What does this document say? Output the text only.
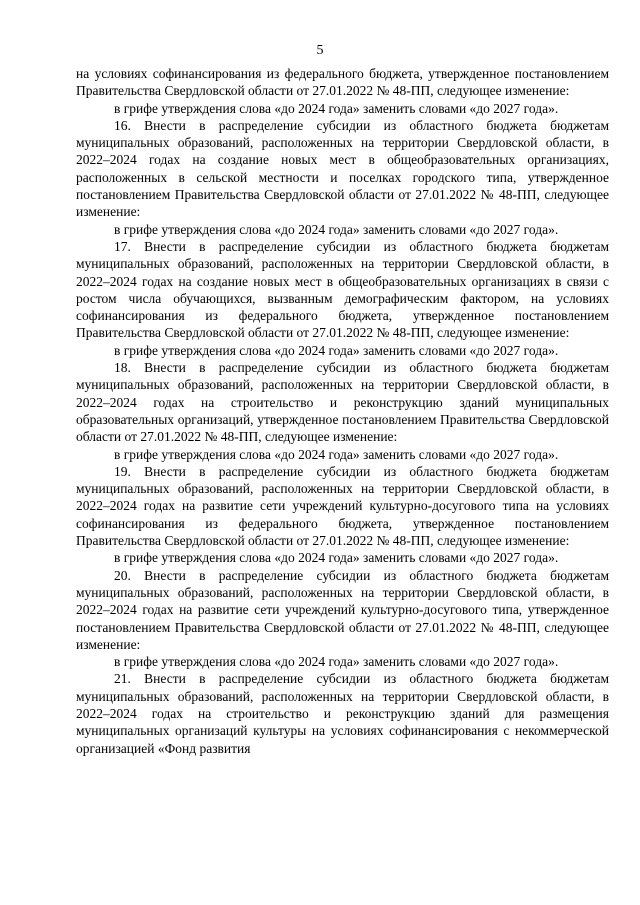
5

на условиях софинансирования из федерального бюджета, утвержденное постановлением Правительства Свердловской области от 27.01.2022 № 48-ПП, следующее изменение:

в грифе утверждения слова «до 2024 года» заменить словами «до 2027 года».

16. Внести в распределение субсидии из областного бюджета бюджетам муниципальных образований, расположенных на территории Свердловской области, в 2022–2024 годах на создание новых мест в общеобразовательных организациях, расположенных в сельской местности и поселках городского типа, утвержденное постановлением Правительства Свердловской области от 27.01.2022 № 48-ПП, следующее изменение:

в грифе утверждения слова «до 2024 года» заменить словами «до 2027 года».

17. Внести в распределение субсидии из областного бюджета бюджетам муниципальных образований, расположенных на территории Свердловской области, в 2022–2024 годах на создание новых мест в общеобразовательных организациях в связи с ростом числа обучающихся, вызванным демографическим фактором, на условиях софинансирования из федерального бюджета, утвержденное постановлением Правительства Свердловской области от 27.01.2022 № 48-ПП, следующее изменение:

в грифе утверждения слова «до 2024 года» заменить словами «до 2027 года».

18. Внести в распределение субсидии из областного бюджета бюджетам муниципальных образований, расположенных на территории Свердловской области, в 2022–2024 годах на строительство и реконструкцию зданий муниципальных образовательных организаций, утвержденное постановлением Правительства Свердловской области от 27.01.2022 № 48-ПП, следующее изменение:

в грифе утверждения слова «до 2024 года» заменить словами «до 2027 года».

19. Внести в распределение субсидии из областного бюджета бюджетам муниципальных образований, расположенных на территории Свердловской области, в 2022–2024 годах на развитие сети учреждений культурно-досугового типа на условиях софинансирования из федерального бюджета, утвержденное постановлением Правительства Свердловской области от 27.01.2022 № 48-ПП, следующее изменение:

в грифе утверждения слова «до 2024 года» заменить словами «до 2027 года».

20. Внести в распределение субсидии из областного бюджета бюджетам муниципальных образований, расположенных на территории Свердловской области, в 2022–2024 годах на развитие сети учреждений культурно-досугового типа, утвержденное постановлением Правительства Свердловской области от 27.01.2022 № 48-ПП, следующее изменение:

в грифе утверждения слова «до 2024 года» заменить словами «до 2027 года».

21. Внести в распределение субсидии из областного бюджета бюджетам муниципальных образований, расположенных на территории Свердловской области, в 2022–2024 годах на строительство и реконструкцию зданий для размещения муниципальных организаций культуры на условиях софинансирования с некоммерческой организацией «Фонд развития
